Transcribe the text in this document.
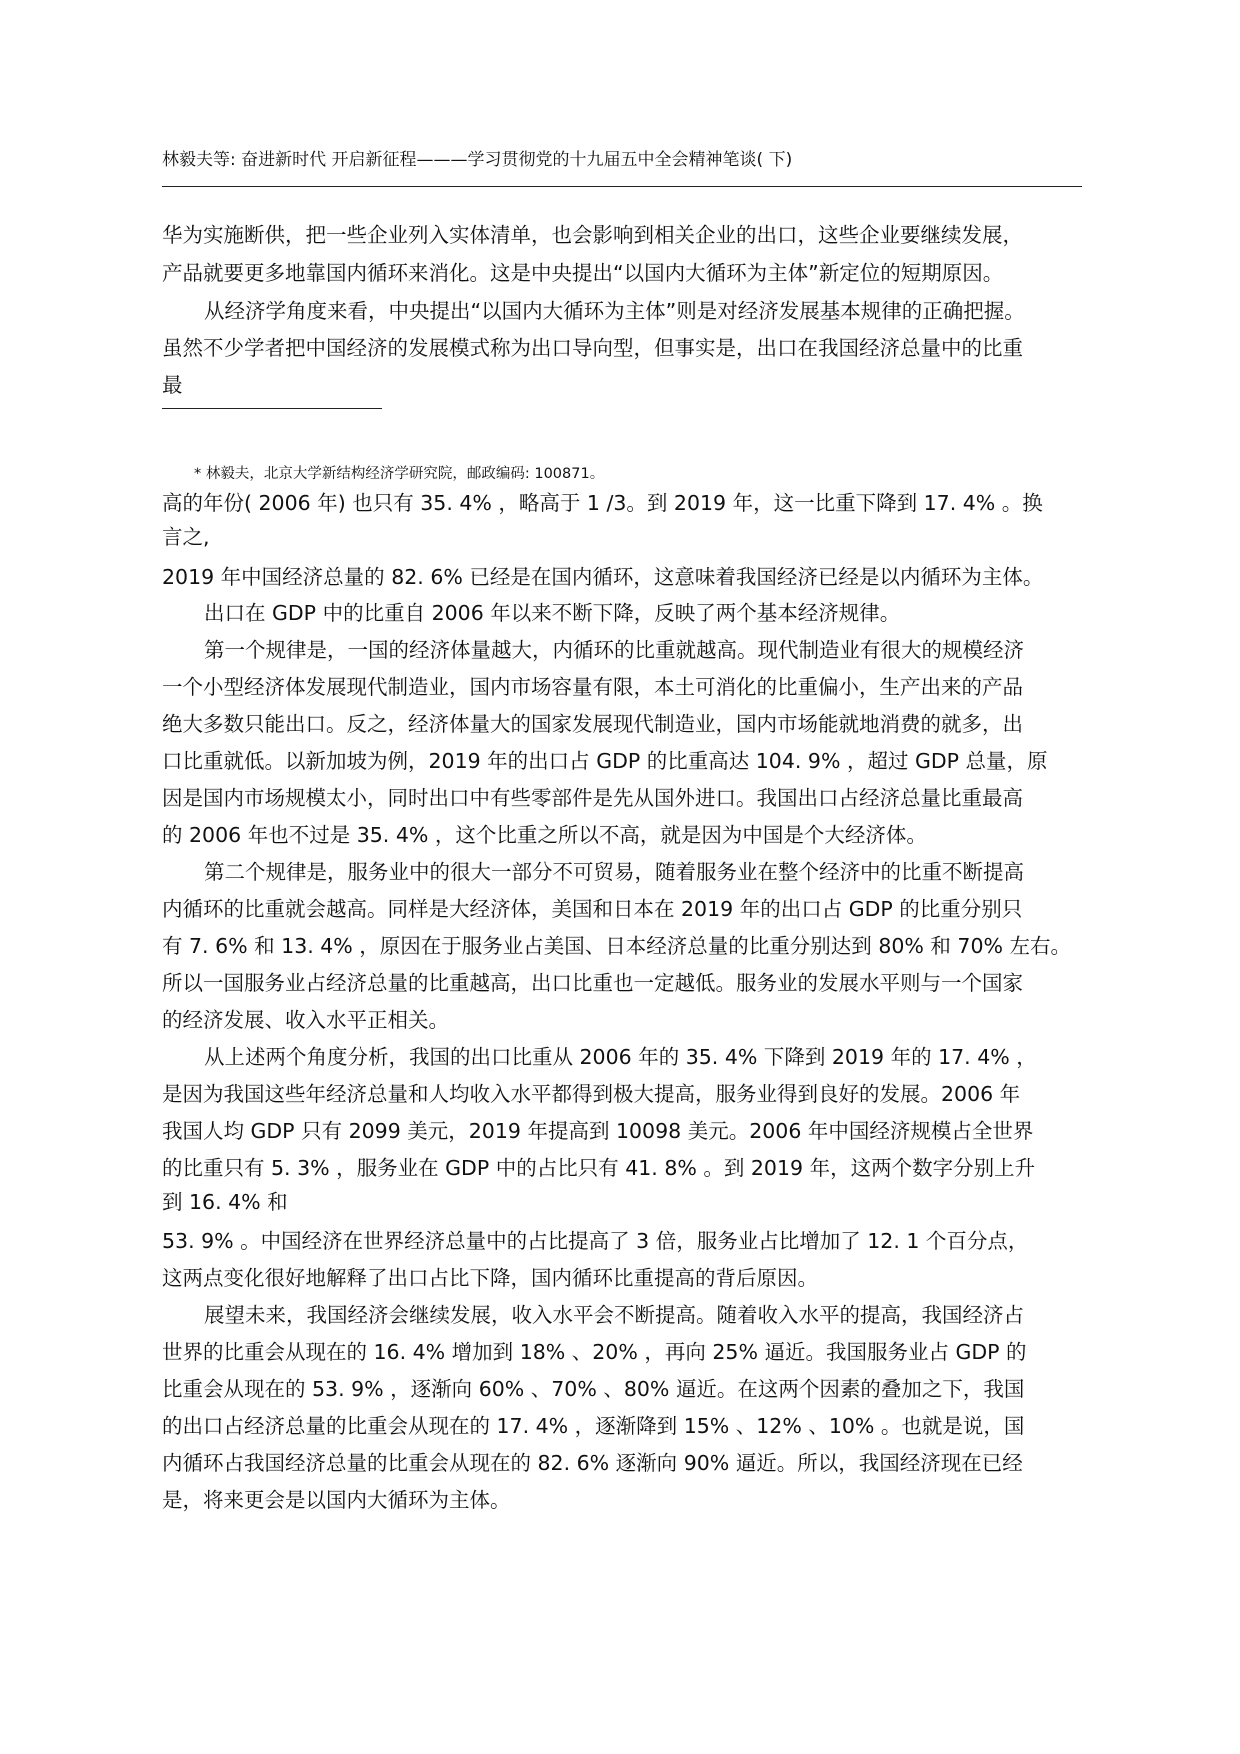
林毅夫等: 奋进新时代 开启新征程———学习贯彻党的十九届五中全会精神笔谈( 下)
华为实施断供，把一些企业列入实体清单，也会影响到相关企业的出口，这些企业要继续发展，
产品就要更多地靠国内循环来消化。这是中央提出“以国内大循环为主体”新定位的短期原因。
从经济学角度来看，中央提出“以国内大循环为主体”则是对经济发展基本规律的正确把握。
虽然不少学者把中国经济的发展模式称为出口导向型，但事实是，出口在我国经济总量中的比重
最
* 林毅夫，北京大学新结构经济学研究院，邮政编码: 100871。
高的年份( 2006 年) 也只有 35. 4% ，略高于 1 /3。到 2019 年，这一比重下降到 17. 4% 。换
言之,
2019 年中国经济总量的 82. 6% 已经是在国内循环，这意味着我国经济已经是以内循环为主体。
出口在 GDP 中的比重自 2006 年以来不断下降，反映了两个基本经济规律。
第一个规律是，一国的经济体量越大，内循环的比重就越高。现代制造业有很大的规模经济
一个小型经济体发展现代制造业，国内市场容量有限，本土可消化的比重偏小，生产出来的产品
绝大多数只能出口。反之，经济体量大的国家发展现代制造业，国内市场能就地消费的就多，出
口比重就低。以新加坡为例，2019 年的出口占 GDP 的比重高达 104. 9% ，超过 GDP 总量，原
因是国内市场规模太小，同时出口中有些零部件是先从国外进口。我国出口占经济总量比重最高
的 2006 年也不过是 35. 4% ，这个比重之所以不高，就是因为中国是个大经济体。
第二个规律是，服务业中的很大一部分不可贸易，随着服务业在整个经济中的比重不断提高
内循环的比重就会越高。同样是大经济体，美国和日本在 2019 年的出口占 GDP 的比重分别只
有 7. 6% 和 13. 4% ，原因在于服务业占美国、日本经济总量的比重分别达到 80% 和 70% 左右。
所以一国服务业占经济总量的比重越高，出口比重也一定越低。服务业的发展水平则与一个国家
的经济发展、收入水平正相关。
从上述两个角度分析，我国的出口比重从 2006 年的 35. 4% 下降到 2019 年的 17. 4% ，
是因为我国这些年经济总量和人均收入水平都得到极大提高，服务业得到良好的发展。2006 年
我国人均 GDP 只有 2099 美元，2019 年提高到 10098 美元。2006 年中国经济规模占全世界
的比重只有 5. 3% ，服务业在 GDP 中的占比只有 41. 8% 。到 2019 年，这两个数字分别上升
到 16. 4% 和
53. 9% 。中国经济在世界经济总量中的占比提高了 3 倍，服务业占比增加了 12. 1 个百分点，
这两点变化很好地解释了出口占比下降，国内循环比重提高的背后原因。
展望未来，我国经济会继续发展，收入水平会不断提高。随着收入水平的提高，我国经济占
世界的比重会从现在的 16. 4% 增加到 18% 、20% ，再向 25% 逼近。我国服务业占 GDP 的
比重会从现在的 53. 9% ，逐渐向 60% 、70% 、80% 逼近。在这两个因素的叠加之下，我国
的出口占经济总量的比重会从现在的 17. 4% ，逐渐降到 15% 、12% 、10% 。也就是说，国
内循环占我国经济总量的比重会从现在的 82. 6% 逐渐向 90% 逼近。所以，我国经济现在已经
是，将来更会是以国内大循环为主体。
